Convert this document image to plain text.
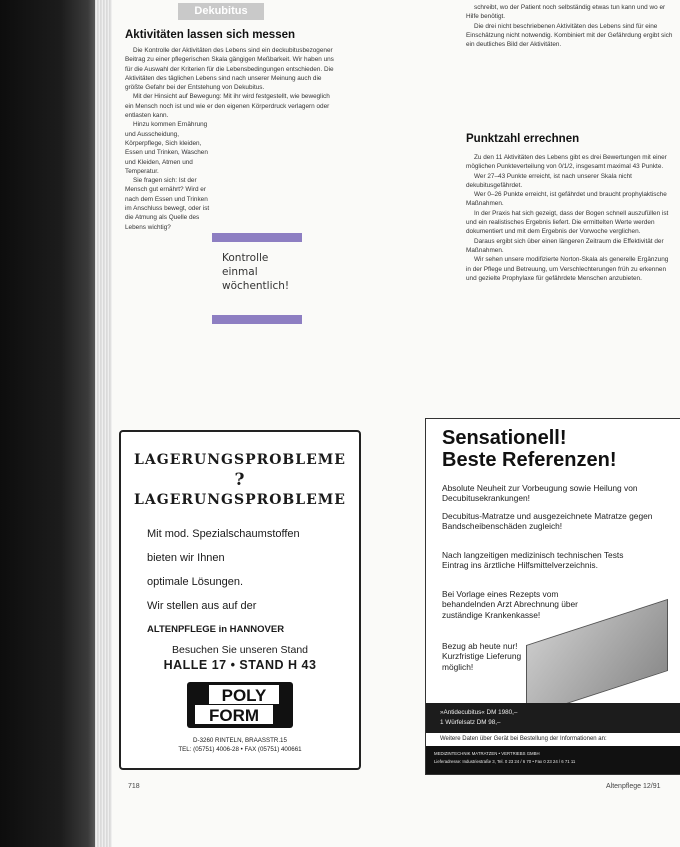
Dekubitus
Aktivitäten lassen sich messen

Die Kontrolle der Aktivitäten des Lebens sind ein deckubitusbezogener Beitrag zu einer pflegerischen Skala gängigen Meßbarkeit. Wir haben uns für die Auswahl der Kriterien für die Lebensbedingungen entschieden. Die Aktivitäten des täglichen Lebens sind nach unserer Meinung auch die größte Gefahr bei der Entstehung von Dekubitus.

Mit der Hinsicht auf Bewegung: Mit ihr wird festgestellt, wie beweglich ein Mensch noch ist und wie er den eigenen Körperdruck verlagern oder entlasten kann.

Hinzu kommen Ernährung und Ausscheidung, Körperpflege, Sich kleiden, Essen und Trinken, Waschen und Kleiden, Atmen und Temperatur.

Sie fragen sich: Ist der Mensch gut ernährt? Wird er nach dem Essen und Trinken im Anschluss bewegt, oder ist die Atmung als Quelle des Lebens wichtig?

Kontrolle einmal wöchentlich!

schreibt, wo der Patient noch selbständig etwas tun kann und wo er Hilfe benötigt.

Die drei nicht beschriebenen Aktivitäten des Lebens sind für eine Einschätzung nicht notwendig. Kombiniert mit der Gefährdung ergibt sich ein deutliches Bild der Aktivitäten.

Punktzahl errechnen

Zu den 11 Aktivitäten des Lebens gibt es drei Bewertungen mit einer möglichen Punkteverteilung von 0/1/2, insgesamt maximal 43 Punkte.

Wer 27–43 Punkte erreicht, ist nach unserer Skala nicht dekubitusgefährdet.

Wer 0–26 Punkte erreicht, ist gefährdet und braucht prophylaktische Maßnahmen.

In der Praxis hat sich gezeigt, dass der Bogen schnell auszufüllen ist und ein realistisches Ergebnis liefert. Die ermittelten Werte werden dokumentiert und mit dem Ergebnis der Vorwoche verglichen.

Daraus ergibt sich über einen längeren Zeitraum die Effektivität der Maßnahmen.

Wir sehen unsere modifizierte Norton-Skala als generelle Ergänzung in der Pflege und Betreuung, um Verschlechterungen früh zu erkennen und gezielte Prophylaxe für gefährdete Menschen anzubieten.

LAGERUNGSPROBLEME
?
LAGERUNGSPROBLEME
Mit mod. Spezialschaumstoffen
bieten wir Ihnen
optimale Lösungen.
Wir stellen aus auf der
ALTENPFLEGE in HANNOVER
Besuchen Sie unseren Stand
HALLE 17 • STAND H 43
POLY
FORM
D-3260 RINTELN, BRAASSTR.15
TEL: (05751) 4006-28 • FAX (05751) 400661
Sensationell!
Beste Referenzen!
Absolute Neuheit zur Vorbeugung sowie Heilung von Decubitusekrankungen!
Decubitus-Matratze und ausgezeichnete Matratze gegen Bandscheibenschäden zugleich!
Nach langzeitigen medizinisch technischen Tests Eintrag ins ärztliche Hilfsmittelverzeichnis.
Bei Vorlage eines Rezepts vom behandelnden Arzt Abrechnung über zuständige Krankenkasse!
Bezug ab heute nur! Kurzfristige Lieferung möglich!
»Antidecubitus« DM 1980,–
1 Würfelsatz DM 98,–
Weitere Daten über Gerät bei Bestellung der Informationen an:
MEDIZINTECHNIK MATRATZEN • VERTRIEBS GMBH
Lieferadresse: Industriestraße 3, Tel. 0 23 24 / 6 70 • Fax 0 23 24 / 6 71 11
718	Altenpflege 12/91
